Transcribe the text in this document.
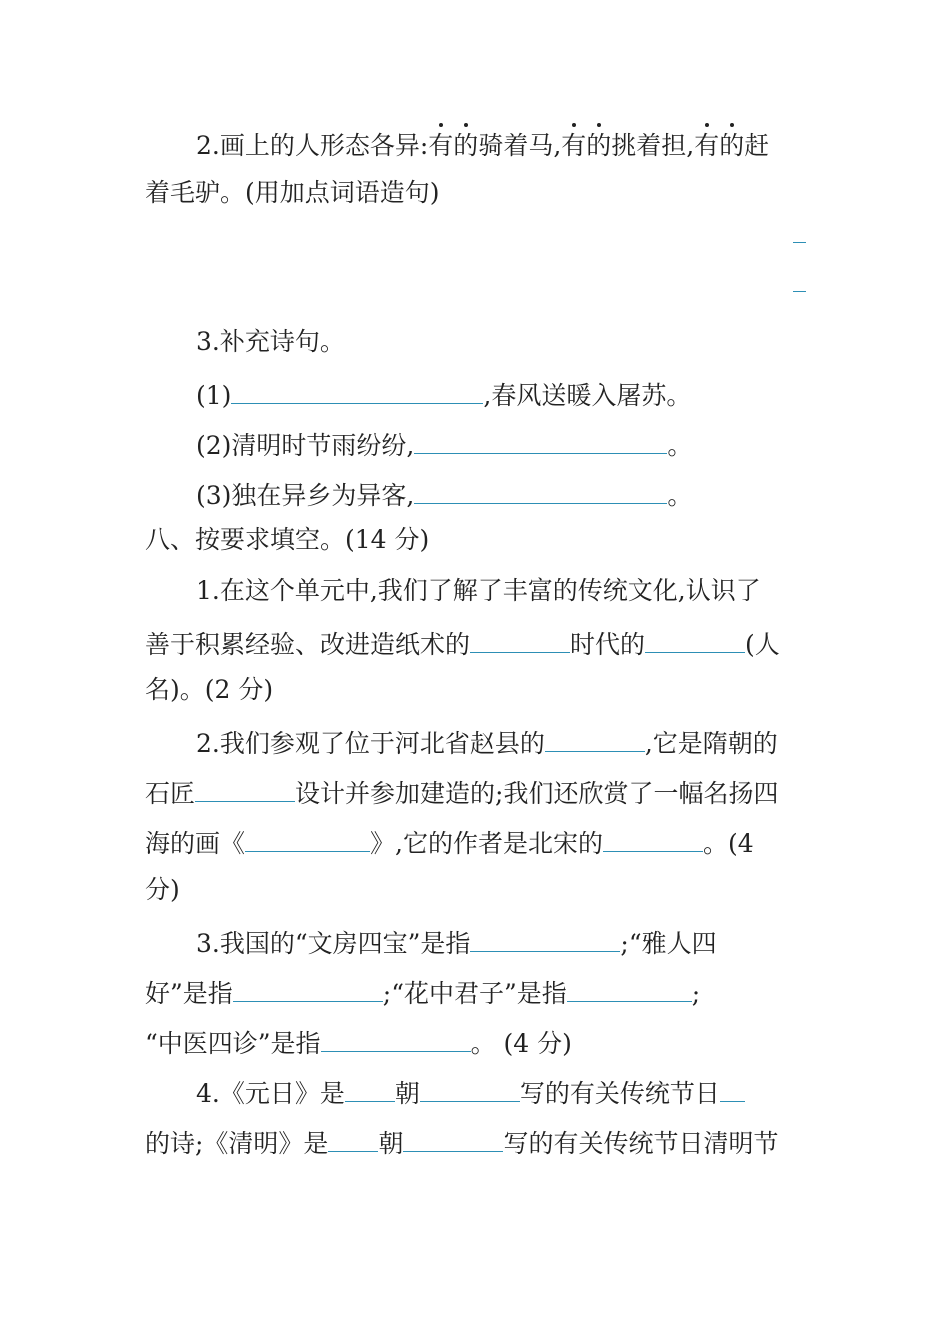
2.画上的人形态各异:有的骑着马,有的挑着担,有的赶
着毛驴。(用加点词语造句)
3.补充诗句。
(1)	,春风送暖入屠苏。
(2)清明时节雨纷纷,	。
(3)独在异乡为异客,	。
八、按要求填空。(14 分)
1.在这个单元中,我们了解了丰富的传统文化,认识了
善于积累经验、改进造纸术的	时代的	(人
名)。(2 分)
2.我们参观了位于河北省赵县的	,它是隋朝的
石匠	设计并参加建造的;我们还欣赏了一幅名扬四
海的画《	》,它的作者是北宋的	。(4
分)
3.我国的“文房四宝”是指	;“雅人四
好”是指	;“花中君子”是指	;
“中医四诊”是指	。 (4 分)
4.《元日》是 朝	写的有关传统节日
的诗;《清明》是 朝	写的有关传统节日清明节
